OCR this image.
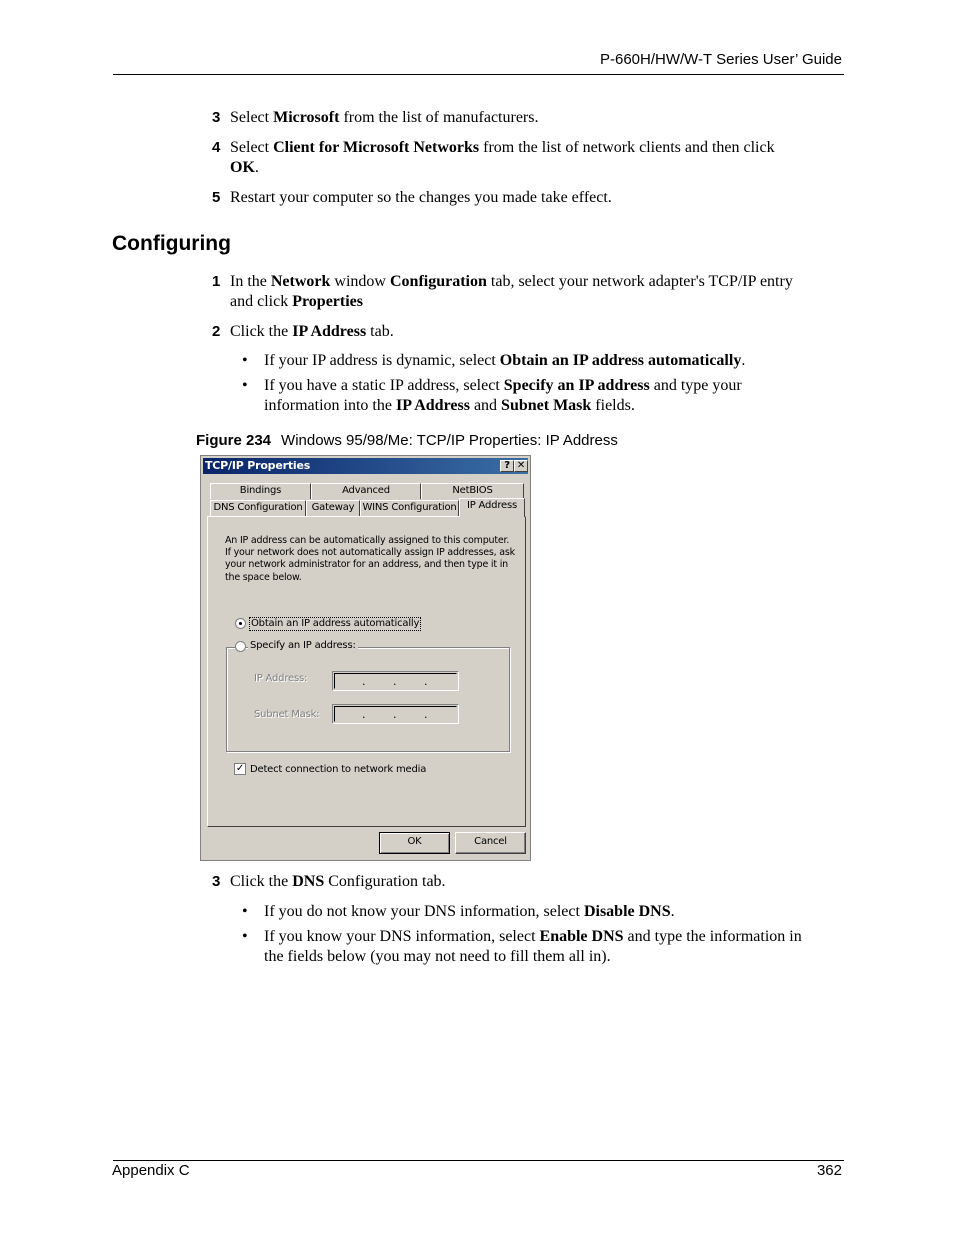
P-660H/HW/W-T Series User’ Guide
3 Select Microsoft from the list of manufacturers.
4 Select Client for Microsoft Networks from the list of network clients and then click
OK.
5 Restart your computer so the changes you made take effect.
Configuring
1 In the Network window Configuration tab, select your network adapter's TCP/IP entry
and click Properties
2 Click the IP Address tab.
• If your IP address is dynamic, select Obtain an IP address automatically.
• If you have a static IP address, select Specify an IP address and type your
information into the IP Address and Subnet Mask fields.
Figure 234 Windows 95/98/Me: TCP/IP Properties: IP Address
TCP/IP Properties	? ✕
Bindings	Advanced	NetBIOS
DNS Configuration Gateway WINS Configuration	IP Address
An IP address can be automatically assigned to this computer.
If your network does not automatically assign IP addresses, ask
your network administrator for an address, and then type it in
the space below.
Obtain an IP address automatically
Specify an IP address:
IP Address:	.	.	.
Subnet Mask:	.	.	.
✓ Detect connection to network media
OK	Cancel
3 Click the DNS Configuration tab.
• If you do not know your DNS information, select Disable DNS.
• If you know your DNS information, select Enable DNS and type the information in
the fields below (you may not need to fill them all in).
Appendix C	362
